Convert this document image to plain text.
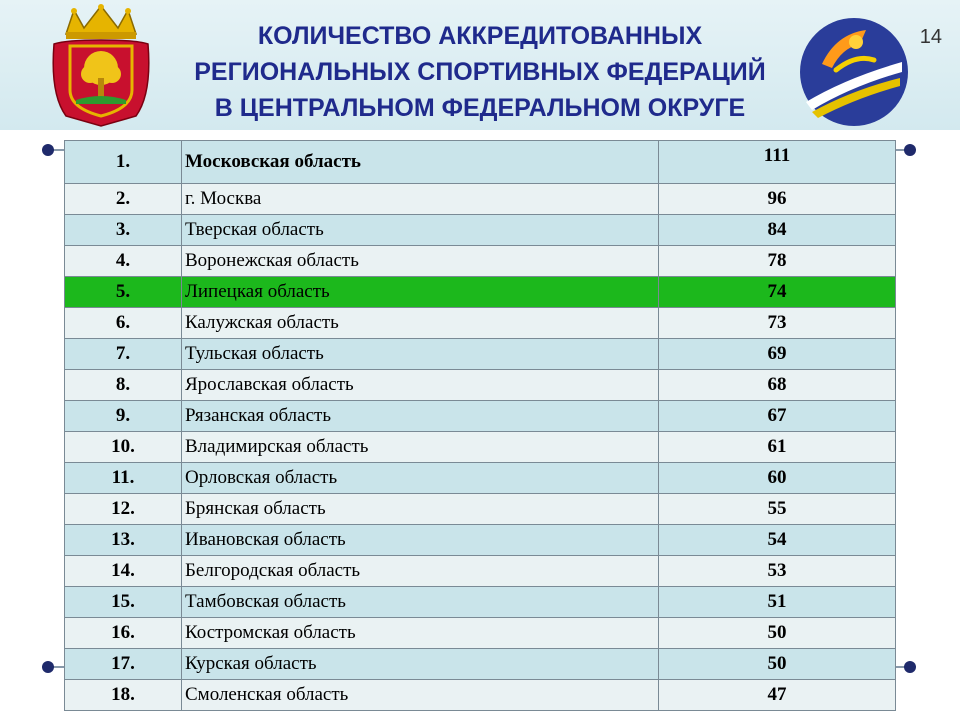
КОЛИЧЕСТВО АККРЕДИТОВАННЫХ
РЕГИОНАЛЬНЫХ СПОРТИВНЫХ ФЕДЕРАЦИЙ
В ЦЕНТРАЛЬНОМ ФЕДЕРАЛЬНОМ ОКРУГЕ
14
1.	Московская область	111
2.	г. Москва	96
3.	Тверская область	84
4.	Воронежская область	78
5.	Липецкая область	74
6.	Калужская область	73
7.	Тульская область	69
8.	Ярославская область	68
9.	Рязанская область	67
10.	Владимирская область	61
11.	Орловская область	60
12.	Брянская область	55
13.	Ивановская область	54
14.	Белгородская область	53
15.	Тамбовская область	51
16.	Костромская область	50
17.	Курская область	50
18.	Смоленская область	47
